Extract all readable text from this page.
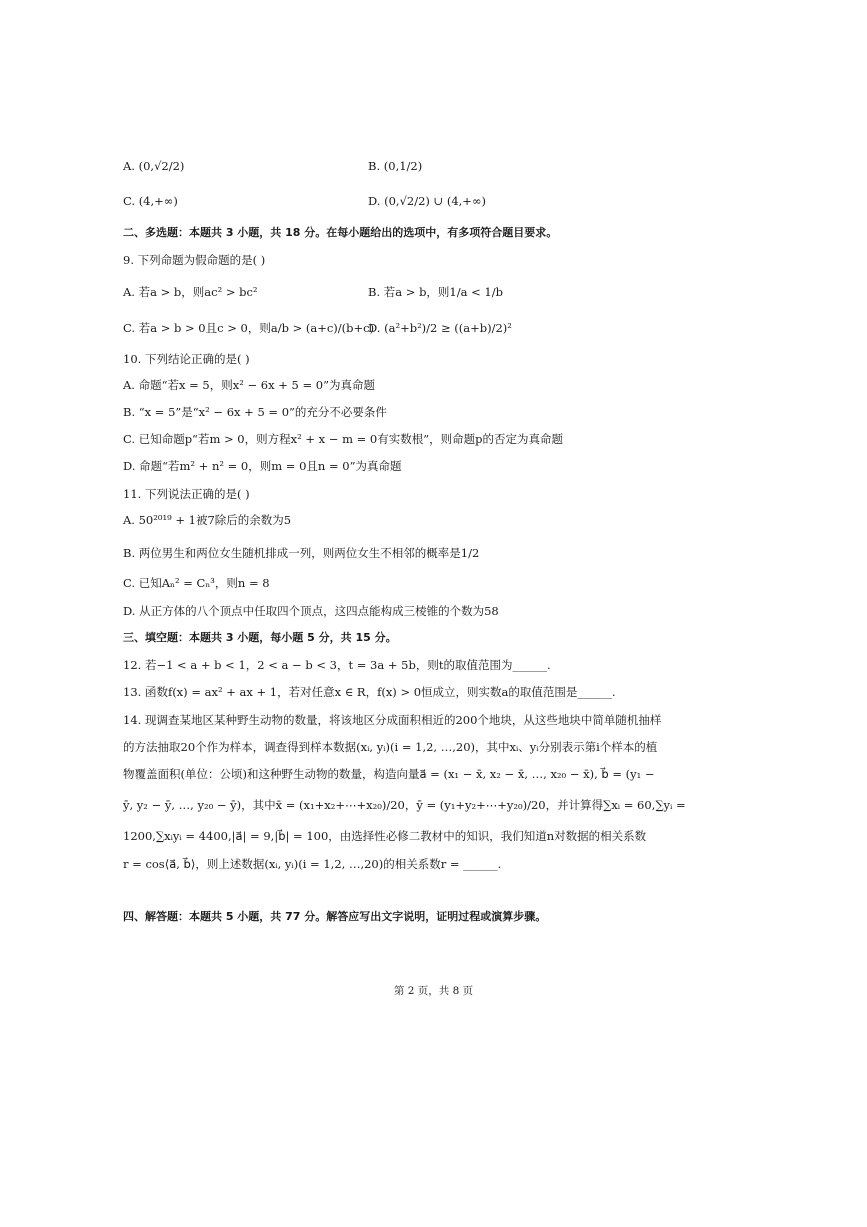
A. (0,√2/2)	B. (0,1/2)
C. (4,+∞)	D. (0,√2/2) ∪ (4,+∞)
二、多选题：本题共 3 小题，共 18 分。在每小题给出的选项中，有多项符合题目要求。
9. 下列命题为假命题的是( )
A. 若a > b，则ac² > bc²	B. 若a > b，则1/a < 1/b
C. 若a > b > 0且c > 0，则a/b > (a+c)/(b+c)
D. (a²+b²)/2 ≥ ((a+b)/2)²
10. 下列结论正确的是( )
A. 命题“若x = 5，则x² − 6x + 5 = 0”为真命题
B. “x = 5”是“x² − 6x + 5 = 0”的充分不必要条件
C. 已知命题p“若m > 0，则方程x² + x − m = 0有实数根”，则命题p的否定为真命题
D. 命题“若m² + n² = 0，则m = 0且n = 0”为真命题
11. 下列说法正确的是( )
A. 50²⁰¹⁹ + 1被7除后的余数为5
B. 两位男生和两位女生随机排成一列，则两位女生不相邻的概率是1/2
C. 已知Aₙ² = Cₙ³，则n = 8
D. 从正方体的八个顶点中任取四个顶点，这四点能构成三棱锥的个数为58
三、填空题：本题共 3 小题，每小题 5 分，共 15 分。
12. 若−1 < a + b < 1，2 < a − b < 3，t = 3a + 5b，则t的取值范围为______.
13. 函数f(x) = ax² + ax + 1，若对任意x ∈ R，f(x) > 0恒成立，则实数a的取值范围是______.
14. 现调查某地区某种野生动物的数量，将该地区分成面积相近的200个地块，从这些地块中简单随机抽样
的方法抽取20个作为样本，调查得到样本数据(xᵢ, yᵢ)(i = 1,2, …,20)，其中xᵢ、yᵢ分别表示第i个样本的植
物覆盖面积(单位：公顷)和这种野生动物的数量，构造向量a⃗ = (x₁ − x̄, x₂ − x̄, …, x₂₀ − x̄), b⃗ = (y₁ −
ȳ, y₂ − ȳ, …, y₂₀ − ȳ)，其中x̄ = (x₁+x₂+⋯+x₂₀)/20，ȳ = (y₁+y₂+⋯+y₂₀)/20，并计算得∑xᵢ = 60,∑yᵢ =
1200,∑xᵢyᵢ = 4400,|a⃗| = 9,|b⃗| = 100，由选择性必修二教材中的知识，我们知道n对数据的相关系数
r = cos⟨a⃗, b⃗⟩，则上述数据(xᵢ, yᵢ)(i = 1,2, …,20)的相关系数r = ______.
四、解答题：本题共 5 小题，共 77 分。解答应写出文字说明，证明过程或演算步骤。
第 2 页，共 8 页
